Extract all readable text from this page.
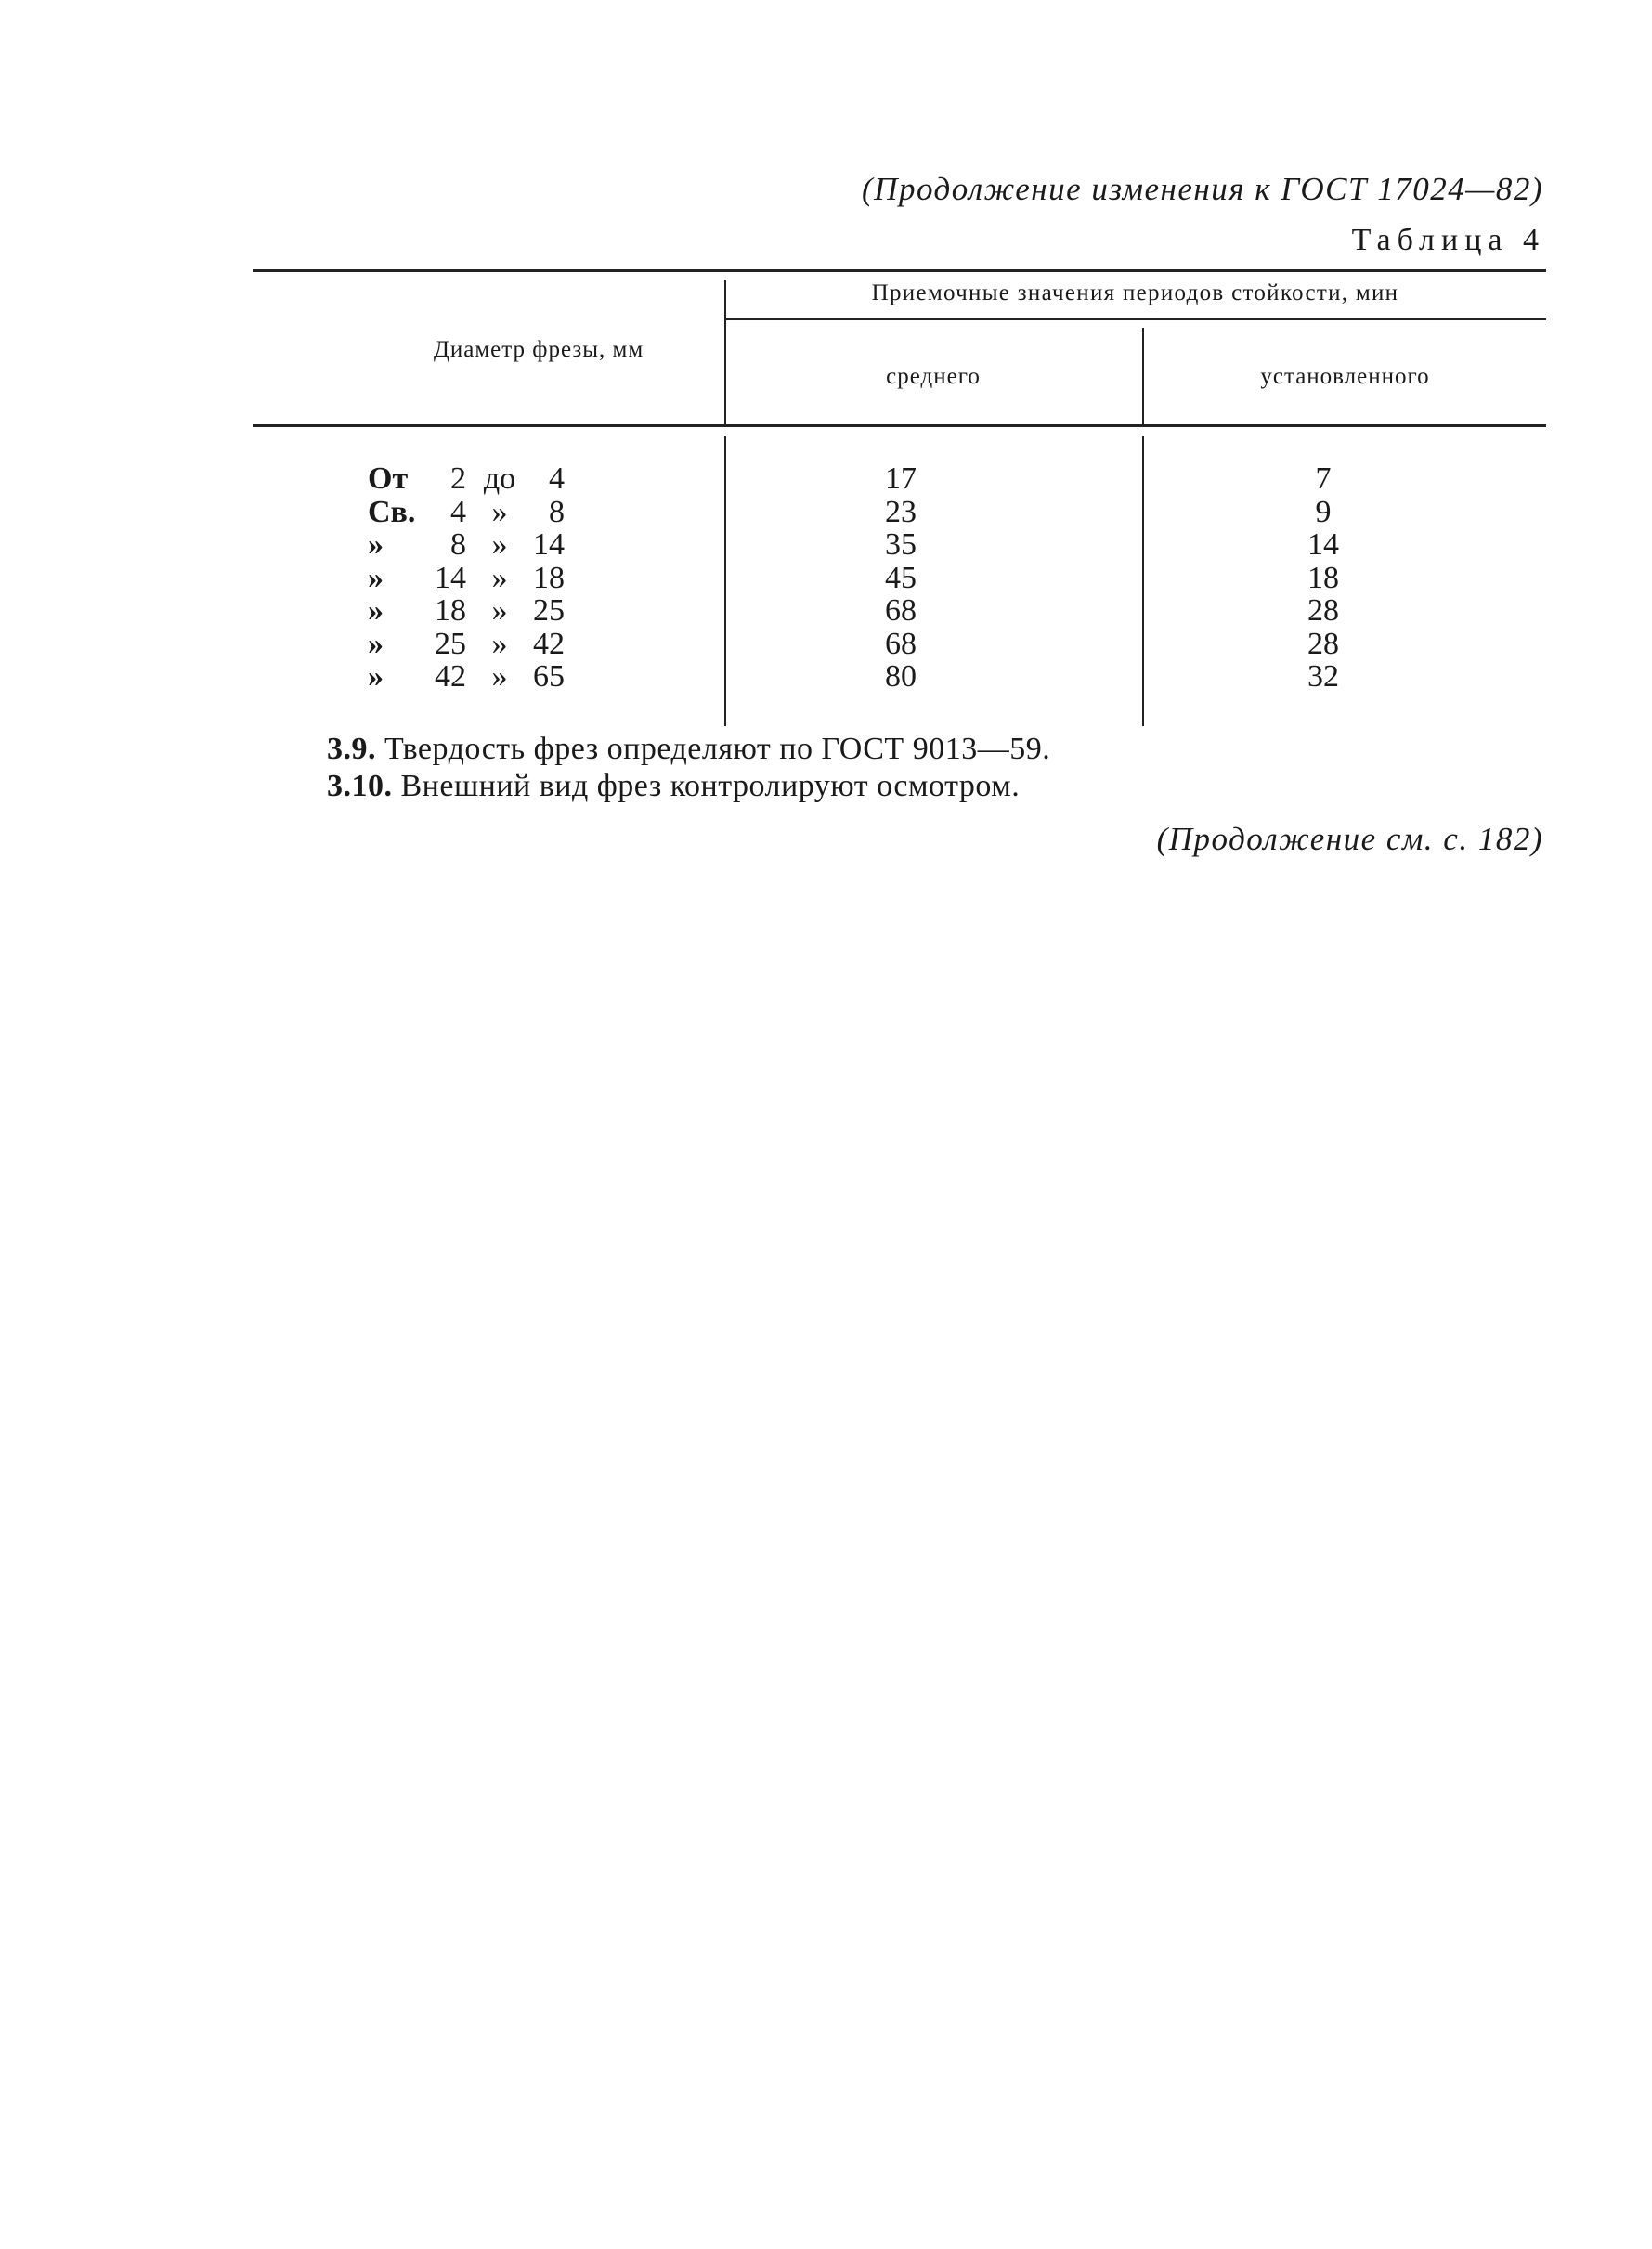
(Продолжение изменения к ГОСТ 17024—82)
Таблица 4
Диаметр фрезы, мм
Приемочные значения периодов стойкости, мин
среднего	установленного
От	2 до	4	17	7
Св.	4 »	8	23	9
»	8 » 14	35	14
»	14 » 18	45	18
»	18 » 25	68	28
»	25 » 42	68	28
»	42 » 65	80	32
3.9. Твердость фрез определяют по ГОСТ 9013—59.
3.10. Внешний вид фрез контролируют осмотром.
(Продолжение см. с. 182)
